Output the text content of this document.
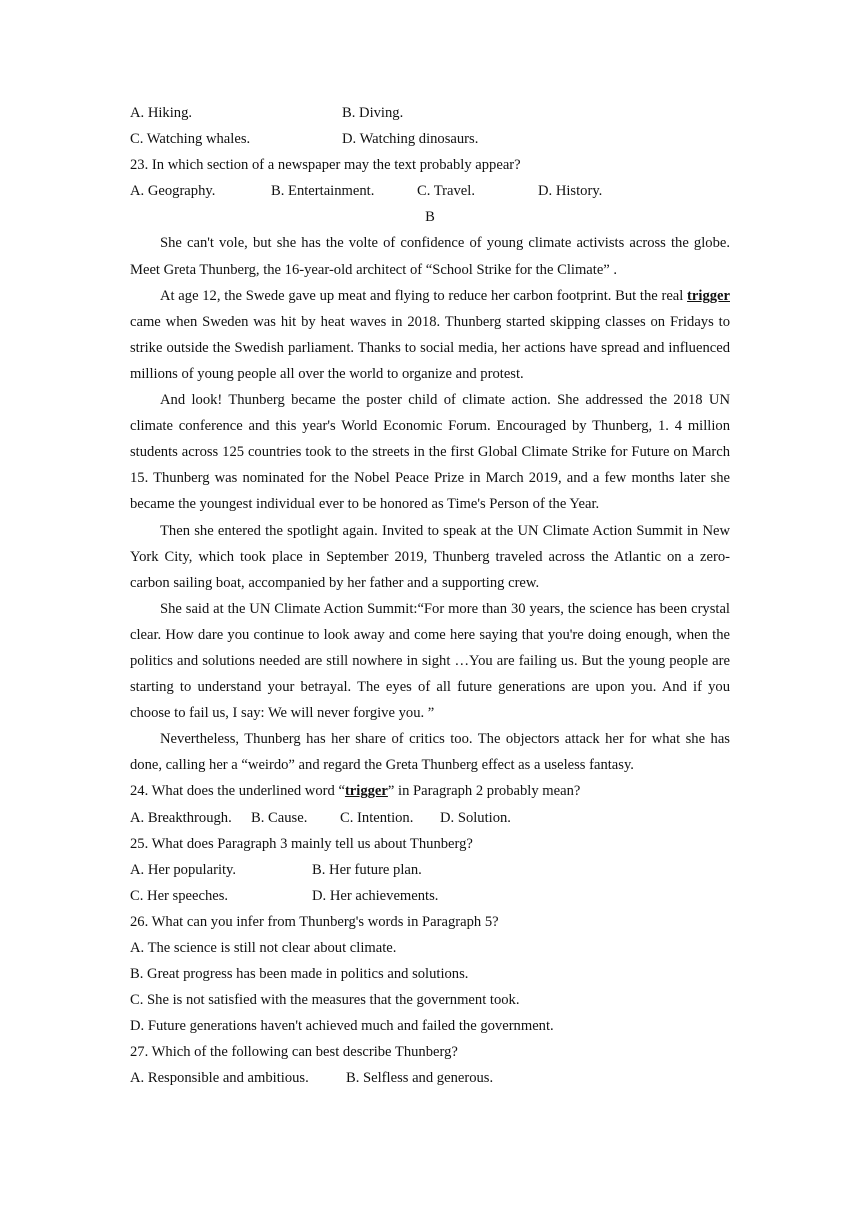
A. Hiking.	B. Diving.
C. Watching whales.	D. Watching dinosaurs.
23. In which section of a newspaper may the text probably appear?
A. Geography.	B. Entertainment.	C. Travel.	D. History.
B

She can't vole, but she has the volte of confidence of young climate activists across the globe. Meet Greta Thunberg, the 16-year-old architect of “School Strike for the Climate” .

At age 12, the Swede gave up meat and flying to reduce her carbon footprint. But the real trigger came when Sweden was hit by heat waves in 2018. Thunberg started skipping classes on Fridays to strike outside the Swedish parliament. Thanks to social media, her actions have spread and influenced millions of young people all over the world to organize and protest.

And look! Thunberg became the poster child of climate action. She addressed the 2018 UN climate conference and this year's World Economic Forum. Encouraged by Thunberg, 1. 4 million students across 125 countries took to the streets in the first Global Climate Strike for Future on March 15. Thunberg was nominated for the Nobel Peace Prize in March 2019, and a few months later she became the youngest individual ever to be honored as Time's Person of the Year.

Then she entered the spotlight again. Invited to speak at the UN Climate Action Summit in New York City, which took place in September 2019, Thunberg traveled across the Atlantic on a zero-carbon sailing boat, accompanied by her father and a supporting crew.

She said at the UN Climate Action Summit:“For more than 30 years, the science has been crystal clear. How dare you continue to look away and come here saying that you're doing enough, when the politics and solutions needed are still nowhere in sight …You are failing us. But the young people are starting to understand your betrayal. The eyes of all future generations are upon you. And if you choose to fail us, I say: We will never forgive you. ”

Nevertheless, Thunberg has her share of critics too. The objectors attack her for what she has done, calling her a “weirdo” and regard the Greta Thunberg effect as a useless fantasy.

24. What does the underlined word “trigger” in Paragraph 2 probably mean?
A. Breakthrough. B. Cause. C. Intention. D. Solution.
25. What does Paragraph 3 mainly tell us about Thunberg?
A. Her popularity.	B. Her future plan.
C. Her speeches.	D. Her achievements.
26. What can you infer from Thunberg's words in Paragraph 5?
A. The science is still not clear about climate.
B. Great progress has been made in politics and solutions.
C. She is not satisfied with the measures that the government took.
D. Future generations haven't achieved much and failed the government.
27. Which of the following can best describe Thunberg?
A. Responsible and ambitious.	B. Selfless and generous.
